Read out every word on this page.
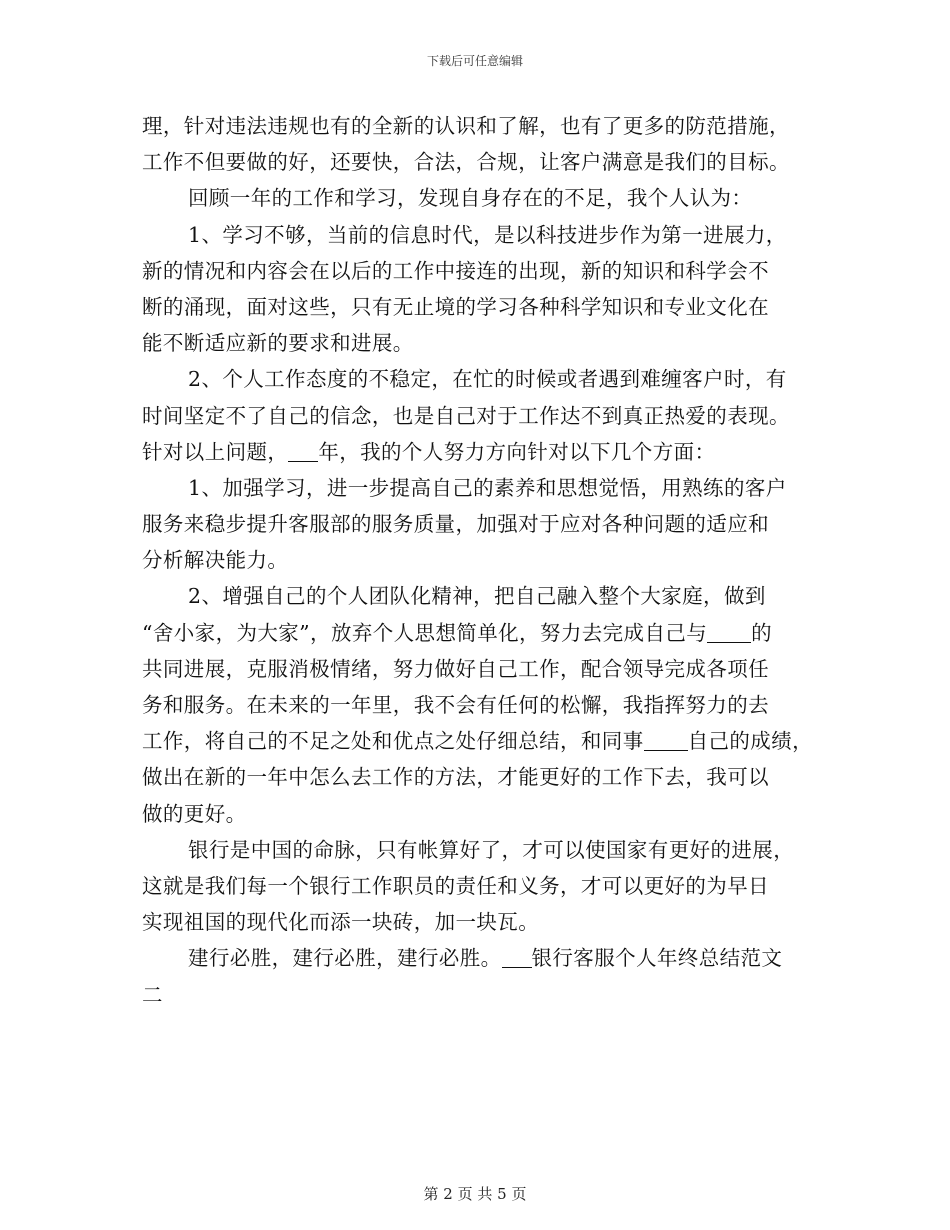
下载后可任意编辑
理，针对违法违规也有的全新的认识和了解，也有了更多的防范措施，
工作不但要做的好，还要快，合法，合规，让客户满意是我们的目标。
回顾一年的工作和学习，发现自身存在的不足，我个人认为：
1、学习不够，当前的信息时代，是以科技进步作为第一进展力，
新的情况和内容会在以后的工作中接连的出现，新的知识和科学会不
断的涌现，面对这些，只有无止境的学习各种科学知识和专业文化在
能不断适应新的要求和进展。
2、个人工作态度的不稳定，在忙的时候或者遇到难缠客户时，有
时间坚定不了自己的信念，也是自己对于工作达不到真正热爱的表现。
针对以上问题， 年，我的个人努力方向针对以下几个方面：
1、加强学习，进一步提高自己的素养和思想觉悟，用熟练的客户
服务来稳步提升客服部的服务质量，加强对于应对各种问题的适应和
分析解决能力。
2、增强自己的个人团队化精神，把自己融入整个大家庭，做到
“舍小家，为大家”，放弃个人思想简单化，努力去完成自己与 的
共同进展，克服消极情绪，努力做好自己工作，配合领导完成各项任
务和服务。在未来的一年里，我不会有任何的松懈，我指挥努力的去
工作，将自己的不足之处和优点之处仔细总结，和同事 自己的成绩，
做出在新的一年中怎么去工作的方法，才能更好的工作下去，我可以
做的更好。
银行是中国的命脉，只有帐算好了，才可以使国家有更好的进展，
这就是我们每一个银行工作职员的责任和义务，才可以更好的为早日
实现祖国的现代化而添一块砖，加一块瓦。
建行必胜，建行必胜，建行必胜。 银行客服个人年终总结范文
二
第 2 页 共 5 页
